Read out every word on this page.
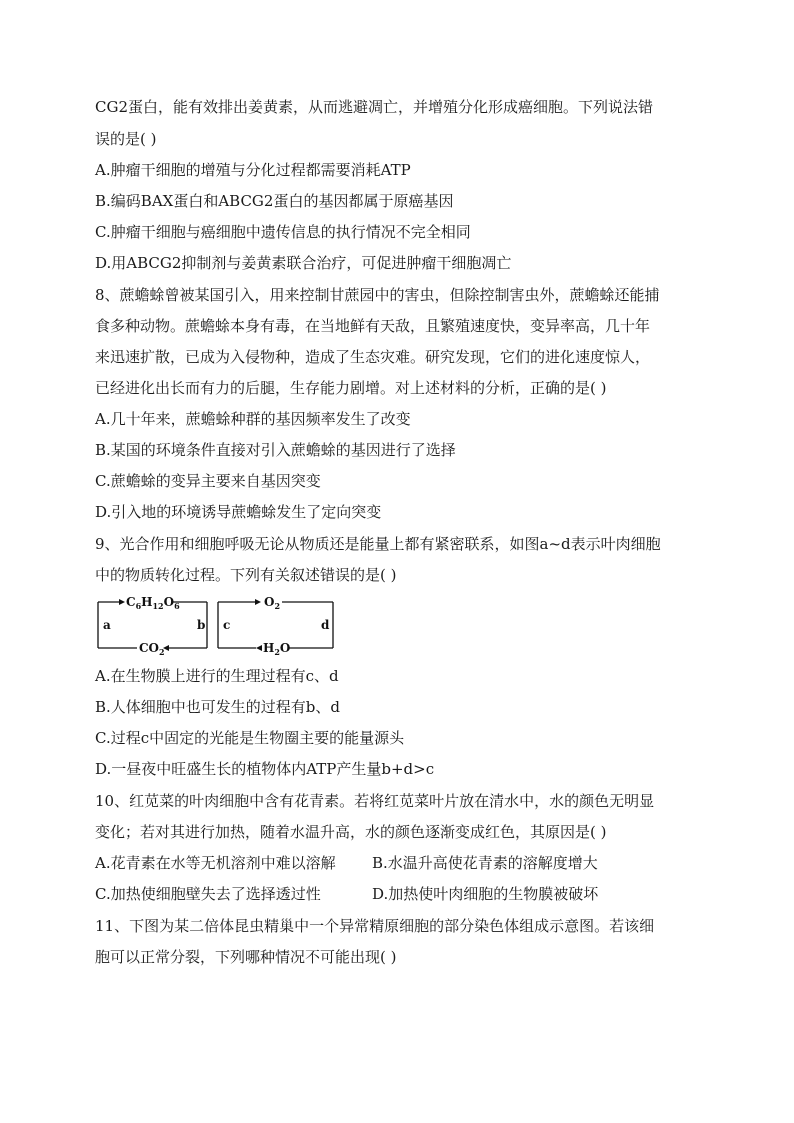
CG2蛋白，能有效排出姜黄素，从而逃避凋亡，并增殖分化形成癌细胞。下列说法错
误的是( )
A.肿瘤干细胞的增殖与分化过程都需要消耗ATP
B.编码BAX蛋白和ABCG2蛋白的基因都属于原癌基因
C.肿瘤干细胞与癌细胞中遗传信息的执行情况不完全相同
D.用ABCG2抑制剂与姜黄素联合治疗，可促进肿瘤干细胞凋亡
8、蔗蟾蜍曾被某国引入，用来控制甘蔗园中的害虫，但除控制害虫外，蔗蟾蜍还能捕
食多种动物。蔗蟾蜍本身有毒，在当地鲜有天敌，且繁殖速度快，变异率高，几十年
来迅速扩散，已成为入侵物种，造成了生态灾难。研究发现，它们的进化速度惊人，
已经进化出长而有力的后腿，生存能力剧增。对上述材料的分析，正确的是( )
A.几十年来，蔗蟾蜍种群的基因频率发生了改变
B.某国的环境条件直接对引入蔗蟾蜍的基因进行了选择
C.蔗蟾蜍的变异主要来自基因突变
D.引入地的环境诱导蔗蟾蜍发生了定向突变
9、光合作用和细胞呼吸无论从物质还是能量上都有紧密联系，如图a~d表示叶肉细胞
中的物质转化过程。下列有关叙述错误的是( )
$C_6H_{12}O_6$
a	b
$CO_2$
$O_2$
c	d
$H_2O$
A.在生物膜上进行的生理过程有c、d
B.人体细胞中也可发生的过程有b、d
C.过程c中固定的光能是生物圈主要的能量源头
D.一昼夜中旺盛生长的植物体内ATP产生量b+d>c
10、红苋菜的叶肉细胞中含有花青素。若将红苋菜叶片放在清水中，水的颜色无明显
变化；若对其进行加热，随着水温升高，水的颜色逐渐变成红色，其原因是( )
A.花青素在水等无机溶剂中难以溶解 B.水温升高使花青素的溶解度增大
C.加热使细胞壁失去了选择透过性	D.加热使叶肉细胞的生物膜被破坏
11、下图为某二倍体昆虫精巢中一个异常精原细胞的部分染色体组成示意图。若该细
胞可以正常分裂，下列哪种情况不可能出现( )
